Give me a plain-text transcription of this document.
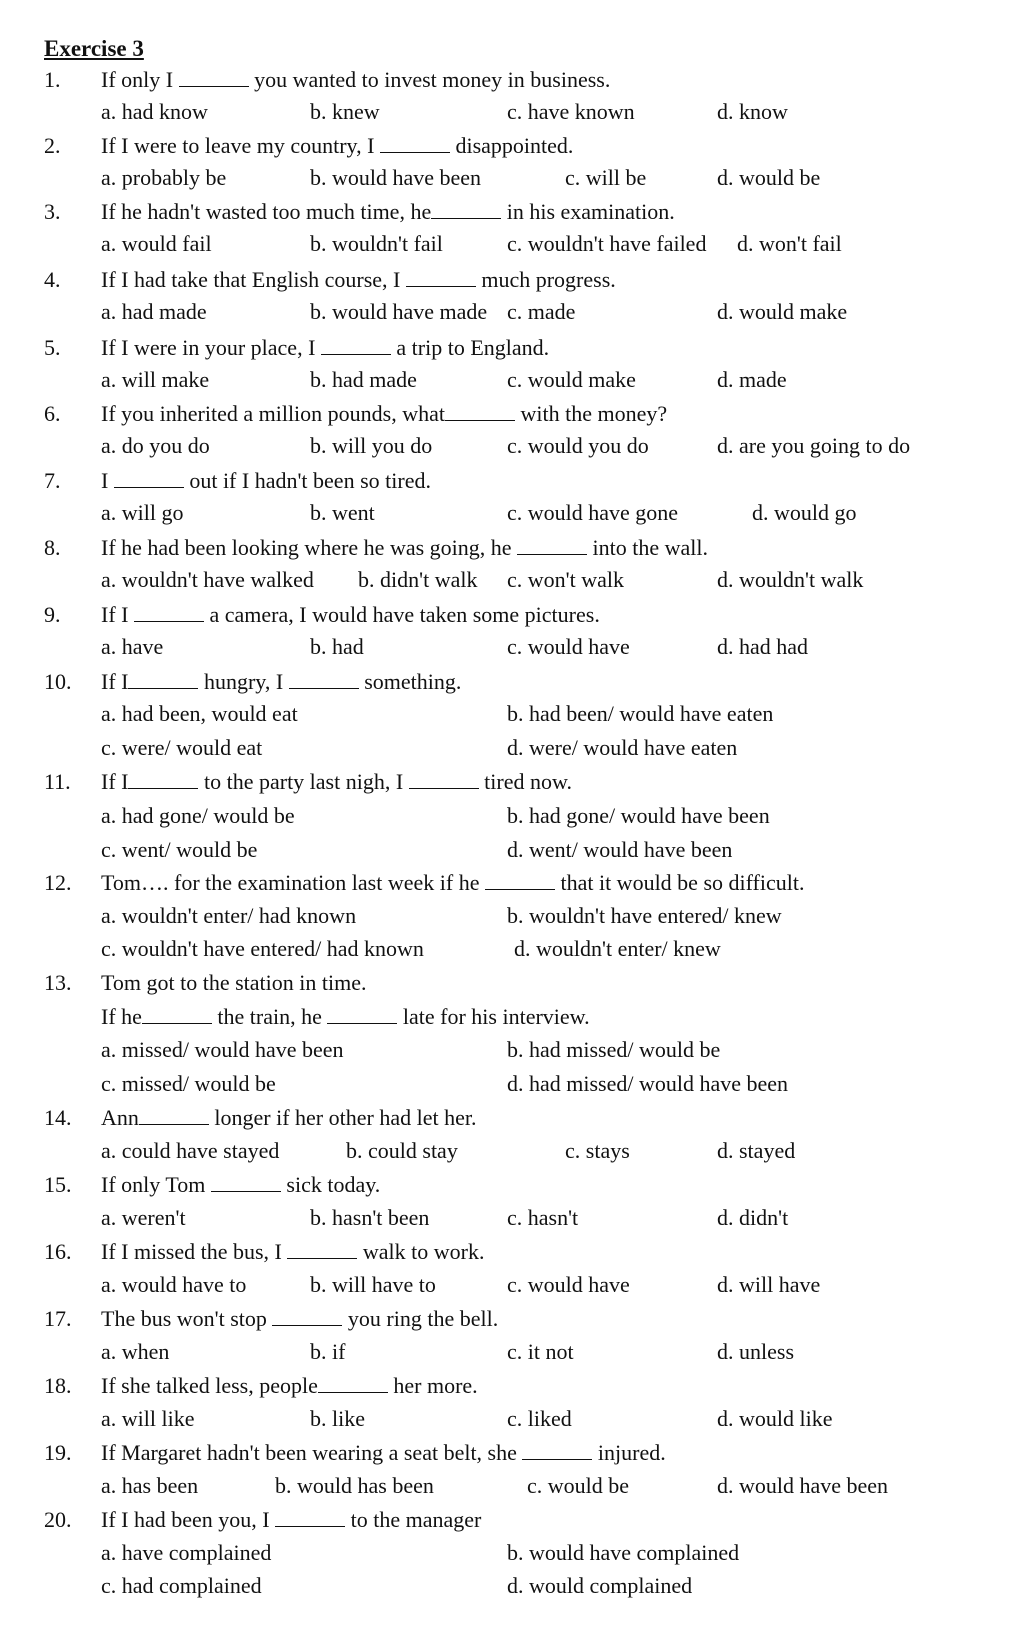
Exercise 3
1. If only I	you wanted to invest money in business.
a. had know	b. knew	c. have known	d. know
2. If I were to leave my country, I	disappointed.
a. probably be	b. would have been	c. will be	d. would be
3. If he hadn't wasted too much time, he	in his examination.
a. would fail	b. wouldn't fail	c. wouldn't have failed d. won't fail
4. If I had take that English course, I	much progress.
a. had made	b. would have made c. made	d. would make
5. If I were in your place, I	a trip to England.
a. will make	b. had made	c. would make	d. made
6. If you inherited a million pounds, what	with the money?
a. do you do	b. will you do	c. would you do	d. are you going to do
7. I	out if I hadn't been so tired.
a. will go	b. went	c. would have gone	d. would go
8. If he had been looking where he was going, he	into the wall.
a. wouldn't have walked b. didn't walk c. won't walk	d. wouldn't walk
9. If I	a camera, I would have taken some pictures.
a. have	b. had	c. would have	d. had had
10. If I	hungry, I	something.
a. had been, would eat	b. had been/ would have eaten
c. were/ would eat	d. were/ would have eaten
11. If I	to the party last nigh, I	tired now.
a. had gone/ would be	b. had gone/ would have been
c. went/ would be	d. went/ would have been
12. Tom…. for the examination last week if he	that it would be so difficult.
a. wouldn't enter/ had known	b. wouldn't have entered/ knew
c. wouldn't have entered/ had known	d. wouldn't enter/ knew
13. Tom got to the station in time.
If he	the train, he	late for his interview.
a. missed/ would have been	b. had missed/ would be
c. missed/ would be	d. had missed/ would have been
14. Ann	longer if her other had let her.
a. could have stayed	b. could stay	c. stays	d. stayed
15. If only Tom	sick today.
a. weren't	b. hasn't been	c. hasn't	d. didn't
16. If I missed the bus, I	walk to work.
a. would have to	b. will have to	c. would have	d. will have
17. The bus won't stop	you ring the bell.
a. when	b. if	c. it not	d. unless
18. If she talked less, people	her more.
a. will like	b. like	c. liked	d. would like
19. If Margaret hadn't been wearing a seat belt, she	injured.
a. has been	b. would has been	c. would be	d. would have been
20. If I had been you, I	to the manager
a. have complained	b. would have complained
c. had complained	d. would complained
